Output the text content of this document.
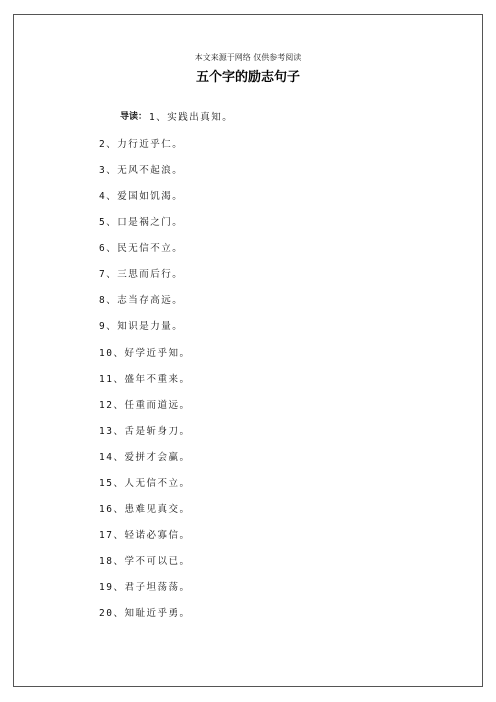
本文来源于网络 仅供参考阅读
五个字的励志句子
导读： 1、实践出真知。
2、力行近乎仁。
3、无风不起浪。
4、爱国如饥渴。
5、口是祸之门。
6、民无信不立。
7、三思而后行。
8、志当存高远。
9、知识是力量。
10、好学近乎知。
11、盛年不重来。
12、任重而道远。
13、舌是斩身刀。
14、爱拼才会赢。
15、人无信不立。
16、患难见真交。
17、轻诺必寡信。
18、学不可以已。
19、君子坦荡荡。
20、知耻近乎勇。
